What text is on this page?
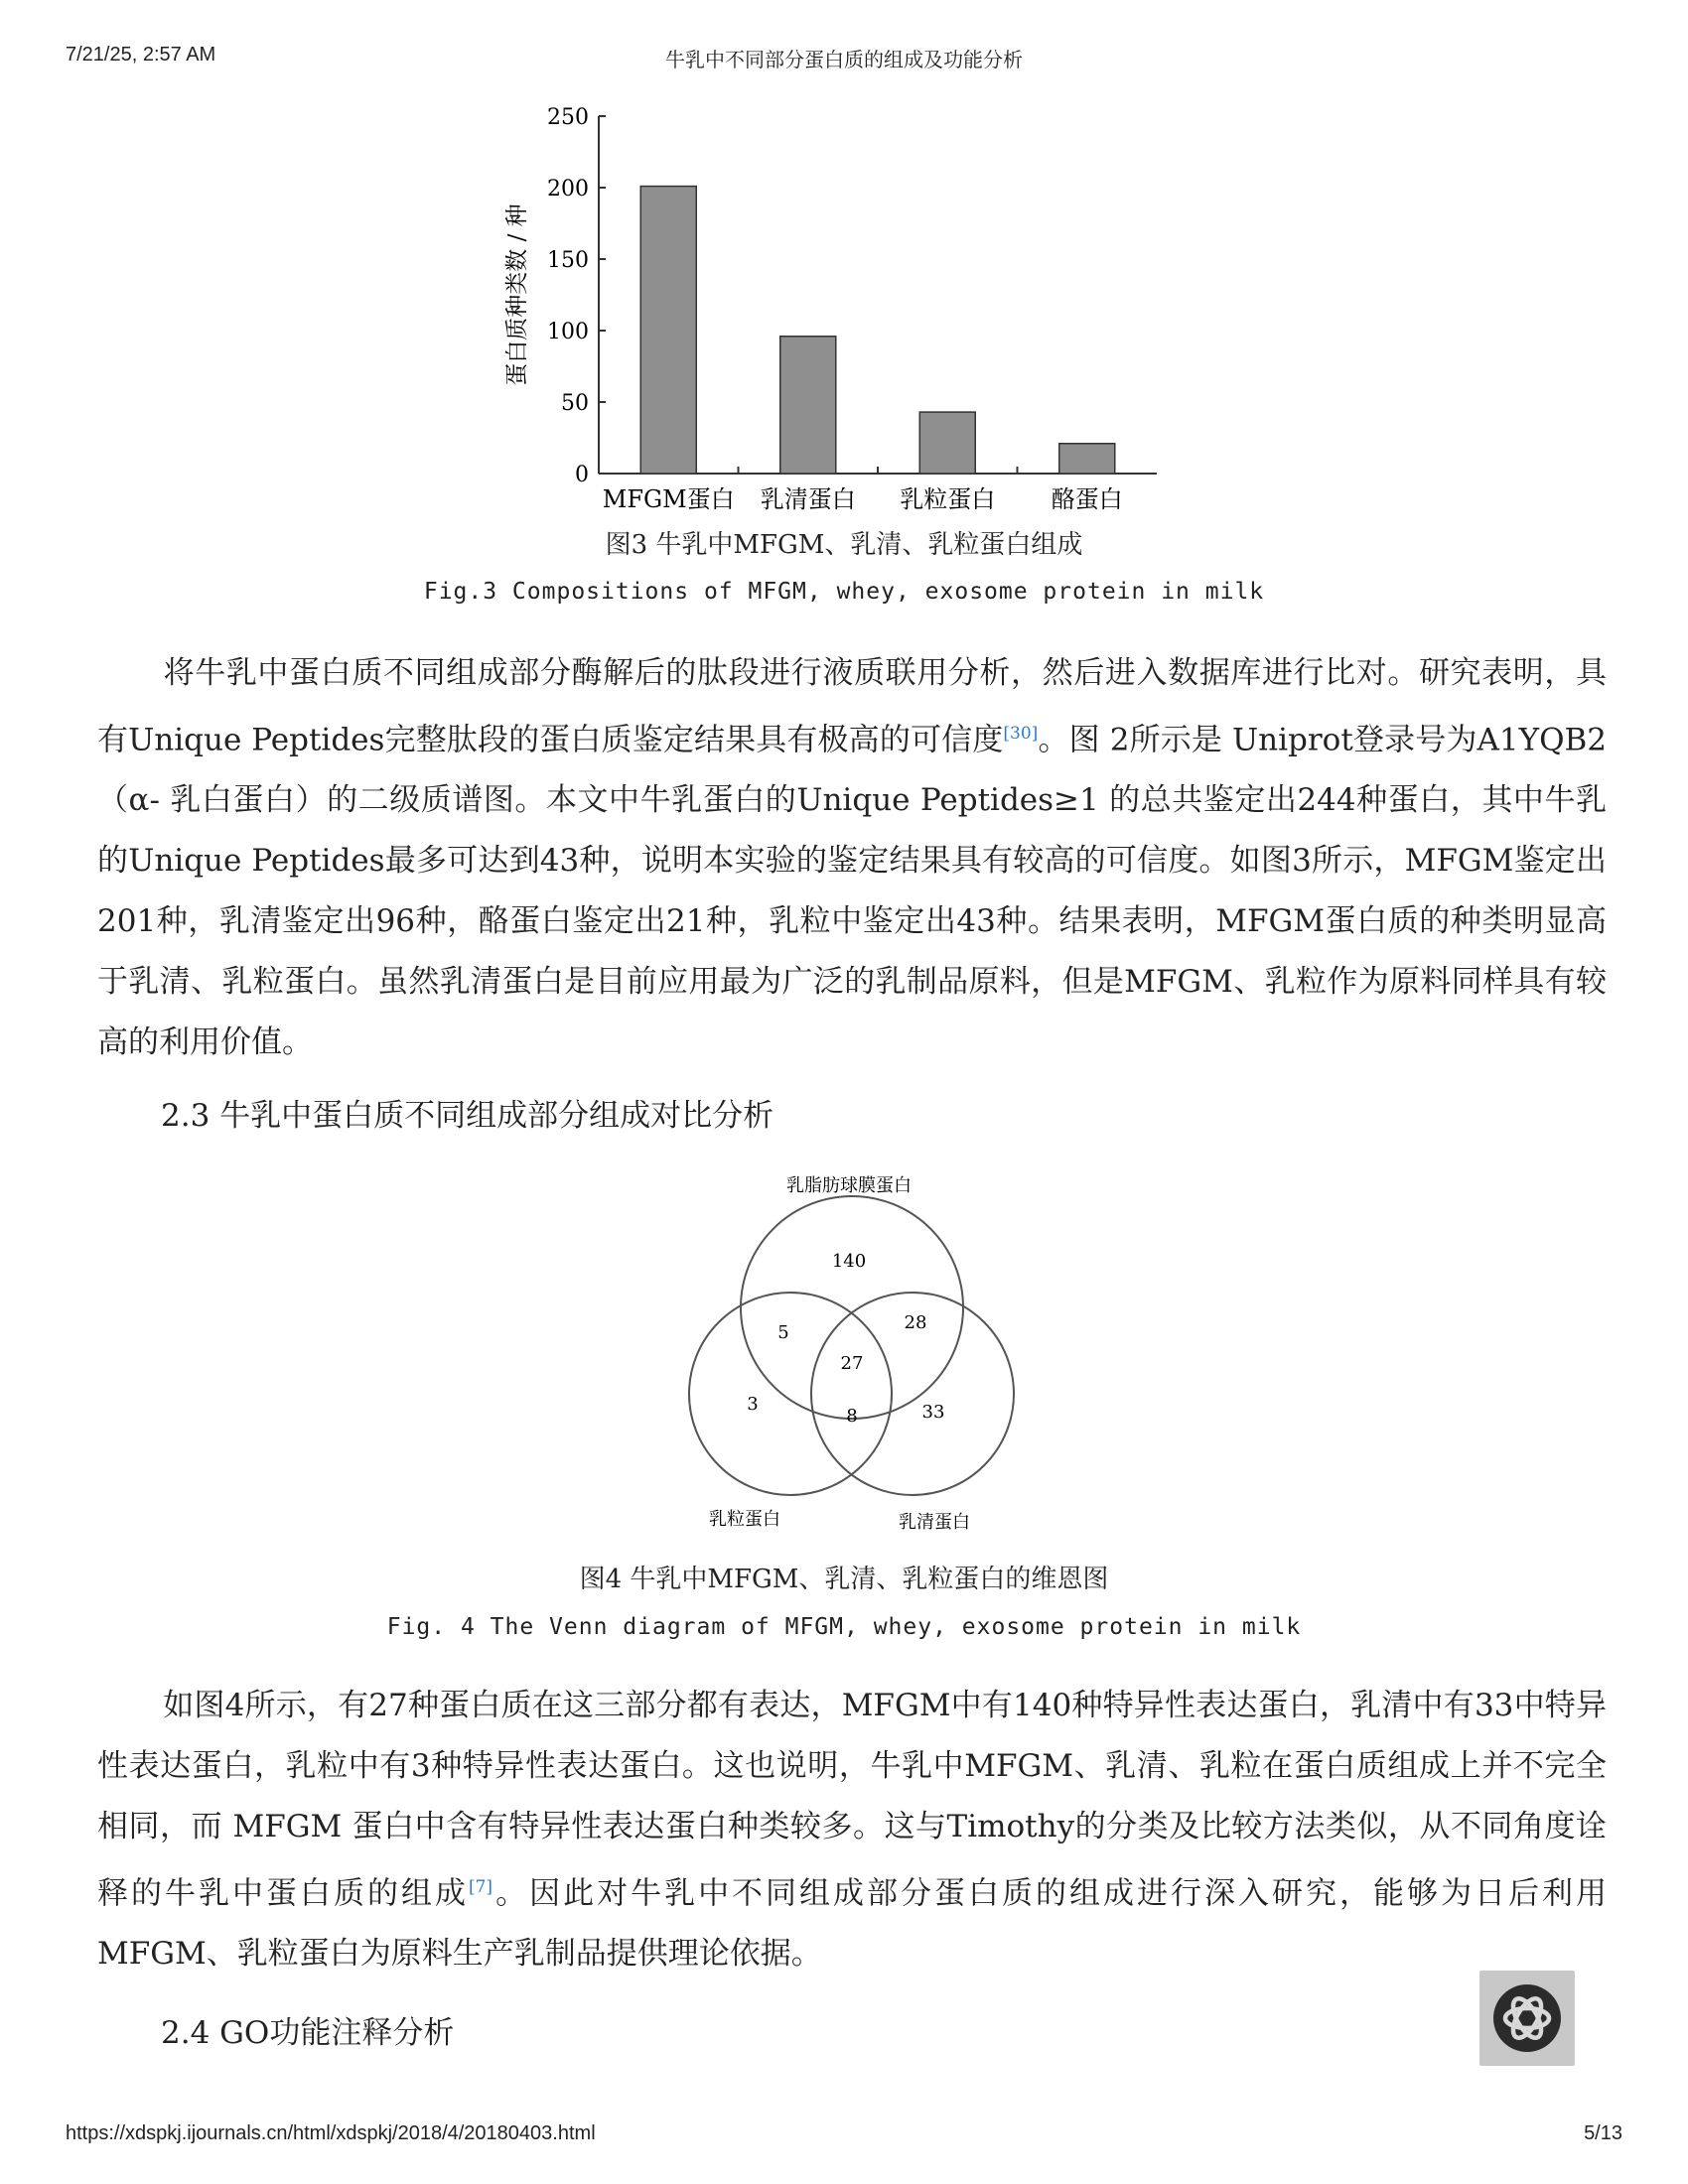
7/21/25, 2:57 AM	牛乳中不同部分蛋白质的组成及功能分析
0
50
100
150
200
250
MFGM蛋白 乳清蛋白 乳粒蛋白 酪蛋白
蛋白质种类数 / 种
图3 牛乳中MFGM、乳清、乳粒蛋白组成
Fig.3 Compositions of MFGM, whey, exosome protein in milk
将牛乳中蛋白质不同组成部分酶解后的肽段进行液质联用分析，然后进入数据库进行比对。研究表明，具有Unique Peptides完整肽段的蛋白质鉴定结果具有极高的可信度[30]。图 2所示是 Uniprot登录号为A1YQB2（α- 乳白蛋白）的二级质谱图。本文中牛乳蛋白的Unique Peptides≥1 的总共鉴定出244种蛋白，其中牛乳的Unique Peptides最多可达到43种，说明本实验的鉴定结果具有较高的可信度。如图3所示，MFGM鉴定出201种，乳清鉴定出96种，酪蛋白鉴定出21种，乳粒中鉴定出43种。结果表明，MFGM蛋白质的种类明显高于乳清、乳粒蛋白。虽然乳清蛋白是目前应用最为广泛的乳制品原料，但是MFGM、乳粒作为原料同样具有较高的利用价值。
2.3 牛乳中蛋白质不同组成部分组成对比分析
乳脂肪球膜蛋白
140
5	28
27
3
8	33
乳粒蛋白	乳清蛋白
图4 牛乳中MFGM、乳清、乳粒蛋白的维恩图
Fig. 4 The Venn diagram of MFGM, whey, exosome protein in milk
如图4所示，有27种蛋白质在这三部分都有表达，MFGM中有140种特异性表达蛋白，乳清中有33中特异性表达蛋白，乳粒中有3种特异性表达蛋白。这也说明，牛乳中MFGM、乳清、乳粒在蛋白质组成上并不完全相同，而 MFGM 蛋白中含有特异性表达蛋白种类较多。这与Timothy的分类及比较方法类似，从不同角度诠释的牛乳中蛋白质的组成[7]。因此对牛乳中不同组成部分蛋白质的组成进行深入研究，能够为日后利用MFGM、乳粒蛋白为原料生产乳制品提供理论依据。
2.4 GO功能注释分析
https://xdspkj.ijournals.cn/html/xdspkj/2018/4/20180403.html	5/13
